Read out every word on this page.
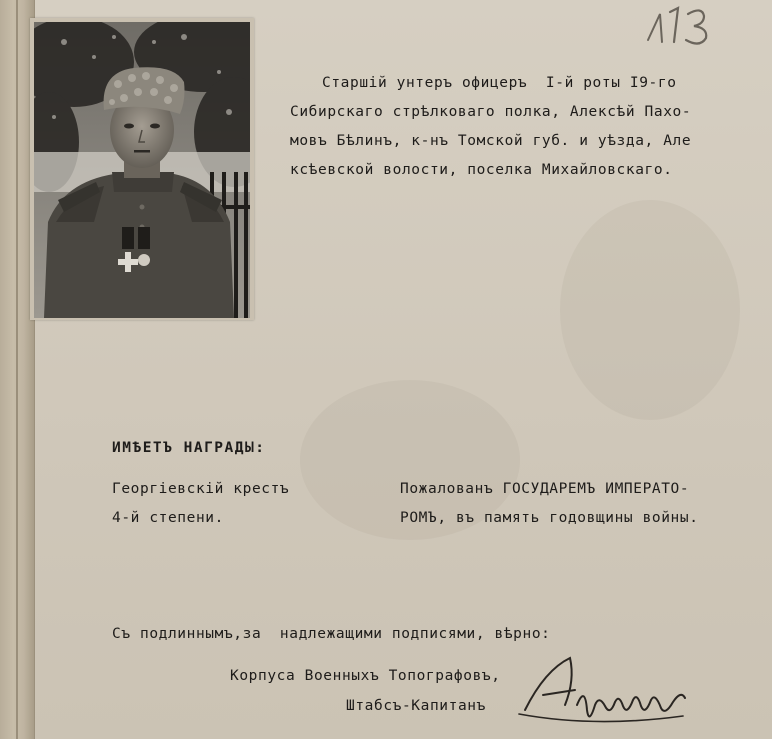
113
Старшій унтеръ офицеръ  I-й роты I9-го
Сибирскаго стрѣлковаго полка, Алексѣй Пахо-
мовъ Бѣлинъ, к-нъ Томской губ. и уѣзда, Але
ксѣевской волости, поселка Михайловскаго.
ИМѢЕТЪ НАГРАДЫ:
Георгіевскій крестъ
4-й степени.
Пожалованъ ГОСУДАРЕМЪ ИМПЕРАТО-
РОМЪ, въ память годовщины войны.
Съ подлиннымъ,за  надлежащими подписями, вѣрно:
Корпуса Военныхъ Топографовъ,
Штабсъ-Капитанъ
